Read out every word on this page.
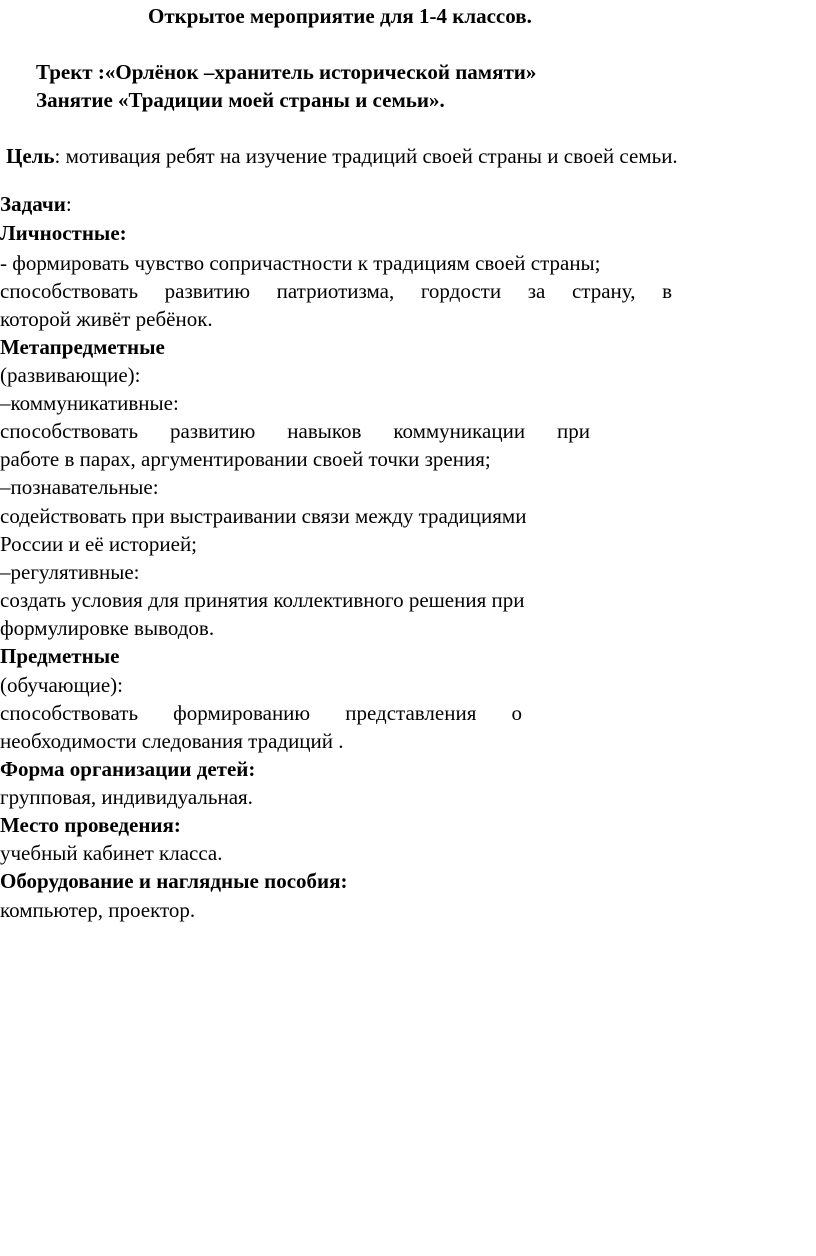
Открытое мероприятие для 1-4 классов.
Трект :«Орлёнок –хранитель исторической памяти»
Занятие «Традиции моей страны и семьи».
Цель: мотивация ребят на изучение традиций своей страны и своей семьи.
Задачи:
Личностные:
- формировать чувство сопричастности к традициям своей страны;
способствовать развитию патриотизма, гордости за страну, в
которой живёт ребёнок.
Метапредметные
(развивающие):
–коммуникативные:
способствовать развитию навыков коммуникации при
работе в парах, аргументировании своей точки зрения;
–познавательные:
содействовать при выстраивании связи между традициями
России и её историей;
–регулятивные:
создать условия для принятия коллективного решения при
формулировке выводов.
Предметные
(обучающие):
способствовать формированию представления о
необходимости следования традиций .
Форма организации детей:
групповая, индивидуальная.
Место проведения:
учебный кабинет класса.
Оборудование и наглядные пособия:
компьютер, проектор.
